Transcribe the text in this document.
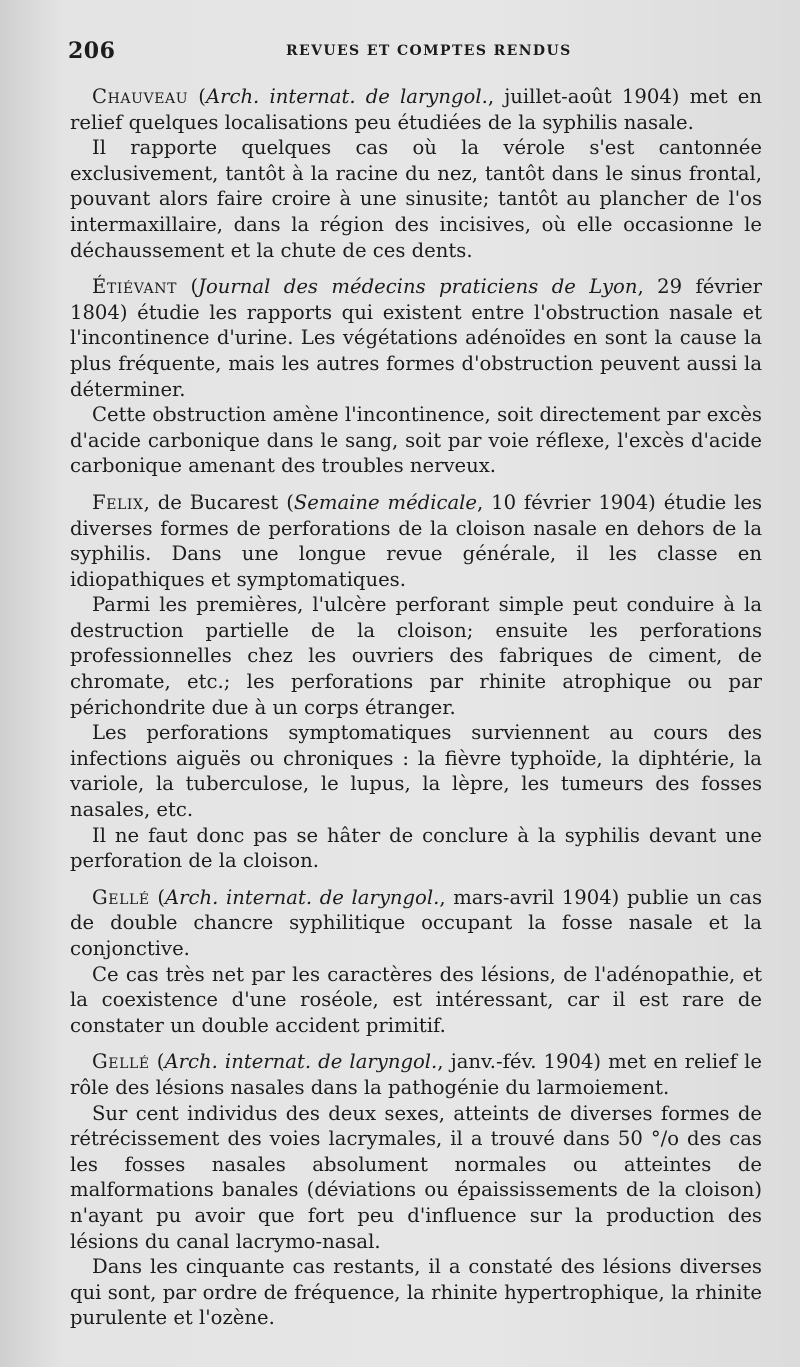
206	REVUES ET COMPTES RENDUS

Chauveau (Arch. internat. de laryngol., juillet-août 1904) met en relief quelques localisations peu étudiées de la syphilis nasale.

Il rapporte quelques cas où la vérole s'est cantonnée exclusivement, tantôt à la racine du nez, tantôt dans le sinus frontal, pouvant alors faire croire à une sinusite; tantôt au plancher de l'os intermaxillaire, dans la région des incisives, où elle occasionne le déchaussement et la chute de ces dents.

Étiévant (Journal des médecins praticiens de Lyon, 29 février 1804) étudie les rapports qui existent entre l'obstruction nasale et l'incontinence d'urine. Les végétations adénoïdes en sont la cause la plus fréquente, mais les autres formes d'obstruction peuvent aussi la déterminer.

Cette obstruction amène l'incontinence, soit directement par excès d'acide carbonique dans le sang, soit par voie réflexe, l'excès d'acide carbonique amenant des troubles nerveux.

Felix, de Bucarest (Semaine médicale, 10 février 1904) étudie les diverses formes de perforations de la cloison nasale en dehors de la syphilis. Dans une longue revue générale, il les classe en idiopathiques et symptomatiques.

Parmi les premières, l'ulcère perforant simple peut conduire à la destruction partielle de la cloison; ensuite les perforations professionnelles chez les ouvriers des fabriques de ciment, de chromate, etc.; les perforations par rhinite atrophique ou par périchondrite due à un corps étranger.

Les perforations symptomatiques surviennent au cours des infections aiguës ou chroniques : la fièvre typhoïde, la diphtérie, la variole, la tuberculose, le lupus, la lèpre, les tumeurs des fosses nasales, etc.

Il ne faut donc pas se hâter de conclure à la syphilis devant une perforation de la cloison.

Gellé (Arch. internat. de laryngol., mars-avril 1904) publie un cas de double chancre syphilitique occupant la fosse nasale et la conjonctive.

Ce cas très net par les caractères des lésions, de l'adénopathie, et la coexistence d'une roséole, est intéressant, car il est rare de constater un double accident primitif.

Gellé (Arch. internat. de laryngol., janv.-fév. 1904) met en relief le rôle des lésions nasales dans la pathogénie du larmoiement.

Sur cent individus des deux sexes, atteints de diverses formes de rétrécissement des voies lacrymales, il a trouvé dans 50 °/o des cas les fosses nasales absolument normales ou atteintes de malformations banales (déviations ou épaississements de la cloison) n'ayant pu avoir que fort peu d'influence sur la production des lésions du canal lacrymo-nasal.

Dans les cinquante cas restants, il a constaté des lésions diverses qui sont, par ordre de fréquence, la rhinite hypertrophique, la rhinite purulente et l'ozène.
